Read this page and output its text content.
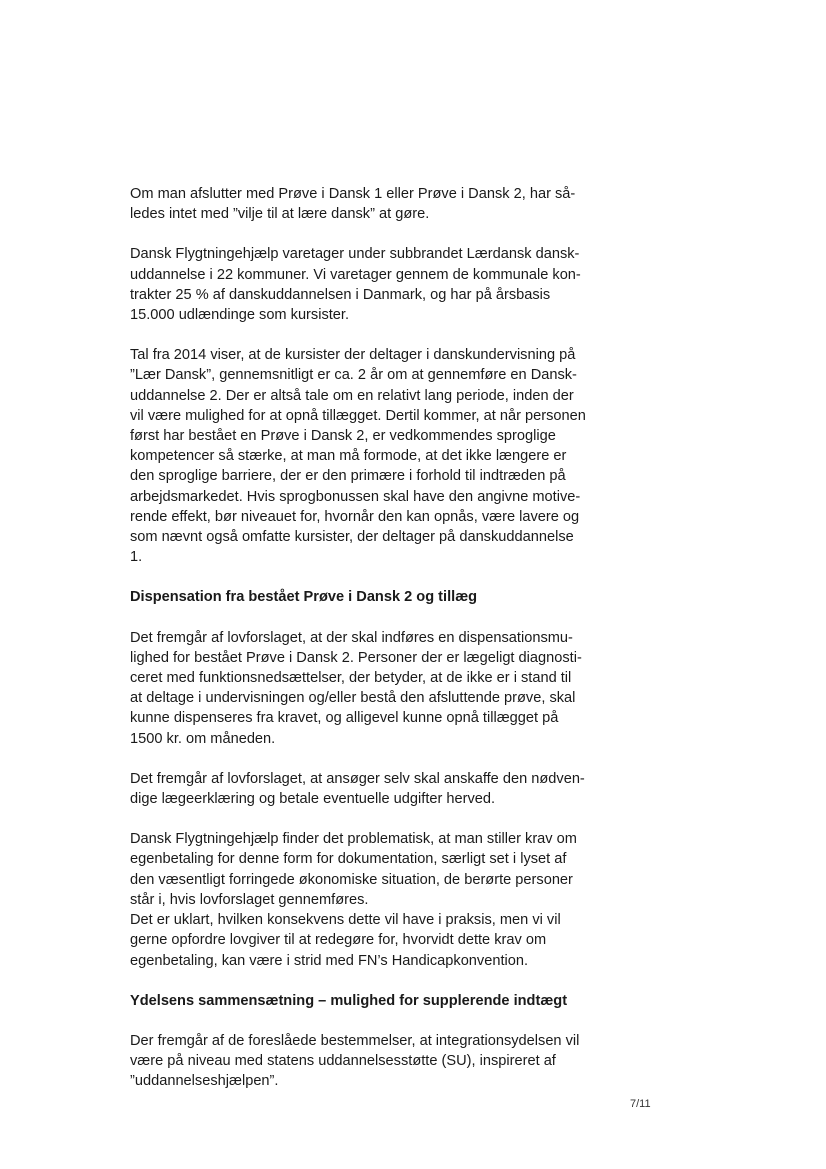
Om man afslutter med Prøve i Dansk 1 eller Prøve i Dansk 2, har så-
ledes intet med ”vilje til at lære dansk” at gøre.
Dansk Flygtningehjælp varetager under subbrandet Lærdansk dansk-
uddannelse i 22 kommuner. Vi varetager gennem de kommunale kon-
trakter 25 % af danskuddannelsen i Danmark, og har på årsbasis
15.000 udlændinge som kursister.
Tal fra 2014 viser, at de kursister der deltager i danskundervisning på
”Lær Dansk”, gennemsnitligt er ca. 2 år om at gennemføre en Dansk-
uddannelse 2. Der er altså tale om en relativt lang periode, inden der
vil være mulighed for at opnå tillægget. Dertil kommer, at når personen
først har bestået en Prøve i Dansk 2, er vedkommendes sproglige
kompetencer så stærke, at man må formode, at det ikke længere er
den sproglige barriere, der er den primære i forhold til indtræden på
arbejdsmarkedet. Hvis sprogbonussen skal have den angivne motive-
rende effekt, bør niveauet for, hvornår den kan opnås, være lavere og
som nævnt også omfatte kursister, der deltager på danskuddannelse
1.
Dispensation fra bestået Prøve i Dansk 2 og tillæg
Det fremgår af lovforslaget, at der skal indføres en dispensationsmu-
lighed for bestået Prøve i Dansk 2. Personer der er lægeligt diagnosti-
ceret med funktionsnedsættelser, der betyder, at de ikke er i stand til
at deltage i undervisningen og/eller bestå den afsluttende prøve, skal
kunne dispenseres fra kravet, og alligevel kunne opnå tillægget på
1500 kr. om måneden.
Det fremgår af lovforslaget, at ansøger selv skal anskaffe den nødven-
dige lægeerklæring og betale eventuelle udgifter herved.
Dansk Flygtningehjælp finder det problematisk, at man stiller krav om
egenbetaling for denne form for dokumentation, særligt set i lyset af
den væsentligt forringede økonomiske situation, de berørte personer
står i, hvis lovforslaget gennemføres.
Det er uklart, hvilken konsekvens dette vil have i praksis, men vi vil
gerne opfordre lovgiver til at redegøre for, hvorvidt dette krav om
egenbetaling, kan være i strid med FN’s Handicapkonvention.
Ydelsens sammensætning – mulighed for supplerende indtægt
Der fremgår af de foreslåede bestemmelser, at integrationsydelsen vil
være på niveau med statens uddannelsesstøtte (SU), inspireret af
”uddannelseshjælpen”.
7/11
